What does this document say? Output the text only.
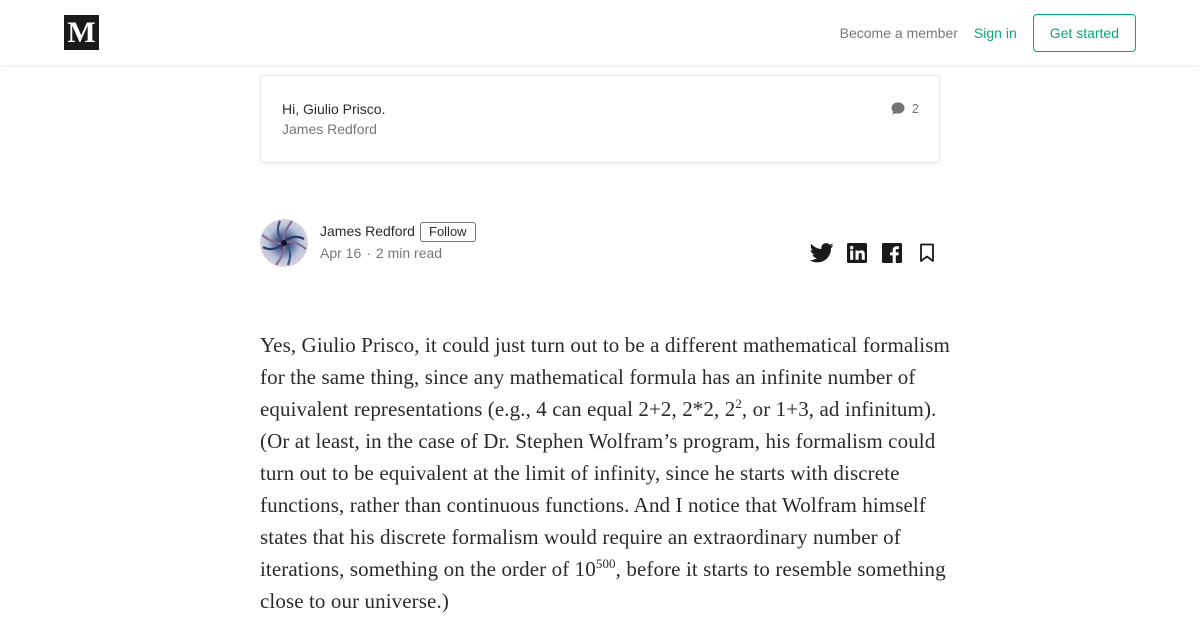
M	Become a member Sign in	Get started
Hi, Giulio Prisco.
James Redford
2
James Redford	Follow
Apr 16 · 2 min read
Yes, Giulio Prisco, it could just turn out to be a different mathematical formalism for the same thing, since any mathematical formula has an infinite number of equivalent representations (e.g., 4 can equal 2+2, 2*2, $2^2$, or 1+3, ad infinitum). (Or at least, in the case of Dr. Stephen Wolfram’s program, his formalism could turn out to be equivalent at the limit of infinity, since he starts with discrete functions, rather than continuous functions. And I notice that Wolfram himself states that his discrete formalism would require an extraordinary number of iterations, something on the order of $10^{500}$, before it starts to resemble something close to our universe.)
